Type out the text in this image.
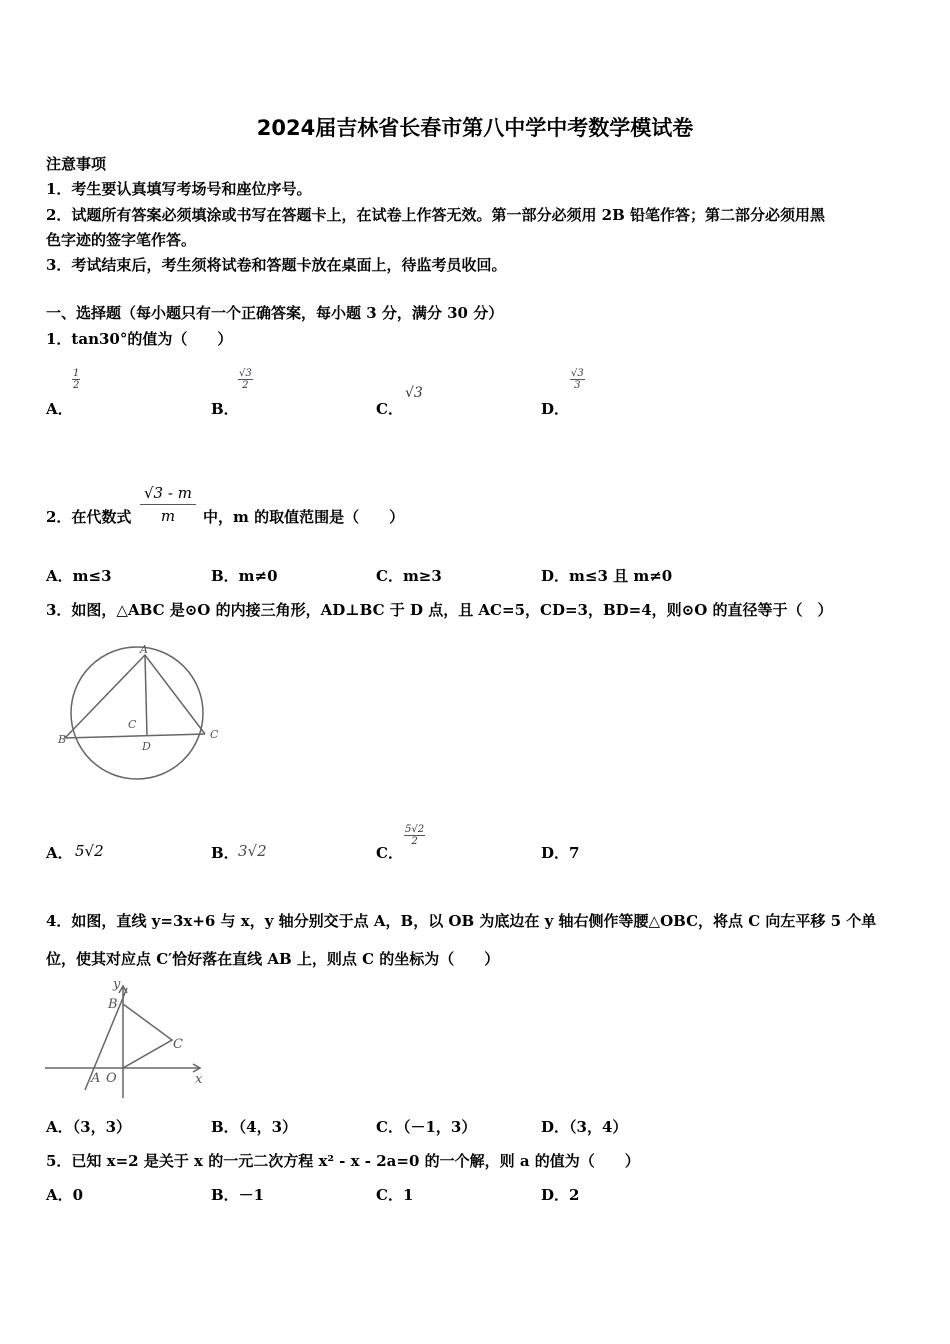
2024届吉林省长春市第八中学中考数学模试卷
注意事项
1．考生要认真填写考场号和座位序号。
2．试题所有答案必须填涂或书写在答题卡上，在试卷上作答无效。第一部分必须用 2B 铅笔作答；第二部分必须用黑
色字迹的签字笔作答。
3．考试结束后，考生须将试卷和答题卡放在桌面上，待监考员收回。
一、选择题（每小题只有一个正确答案，每小题 3 分，满分 30 分）
1．tan30°的值为（　　）
A．
$\frac{1}{2}$
B．
$\frac{√3}{2}$
C．
√3
D．
$\frac{√3}{3}$
2．在代数式 $\frac{√3 - m}{m}$ 中，m 的取值范围是（　　）
A．m≤3	B．m≠0	C．m≥3	D．m≤3 且 m≠0
3．如图，△ABC 是⊙O 的内接三角形，AD⊥BC 于 D 点，且 AC=5，CD=3，BD=4，则⊙O 的直径等于（　）
A
B	C
D
C
A． 5√2	B． 3√2	C．
$\frac{5√2}{2}$
D．7
4．如图，直线 y=3x+6 与 x，y 轴分别交于点 A，B，以 OB 为底边在 y 轴右侧作等腰△OBC，将点 C 向左平移 5 个单
位，使其对应点 C′恰好落在直线 AB 上，则点 C 的坐标为（　　）
y
x
B
C
A O
A．（3，3）	B．（4，3）	C．（－1，3）	D．（3，4）
5．已知 x=2 是关于 x 的一元二次方程 x² - x - 2a=0 的一个解，则 a 的值为（　　）
A．0	B．－1	C．1	D．2
